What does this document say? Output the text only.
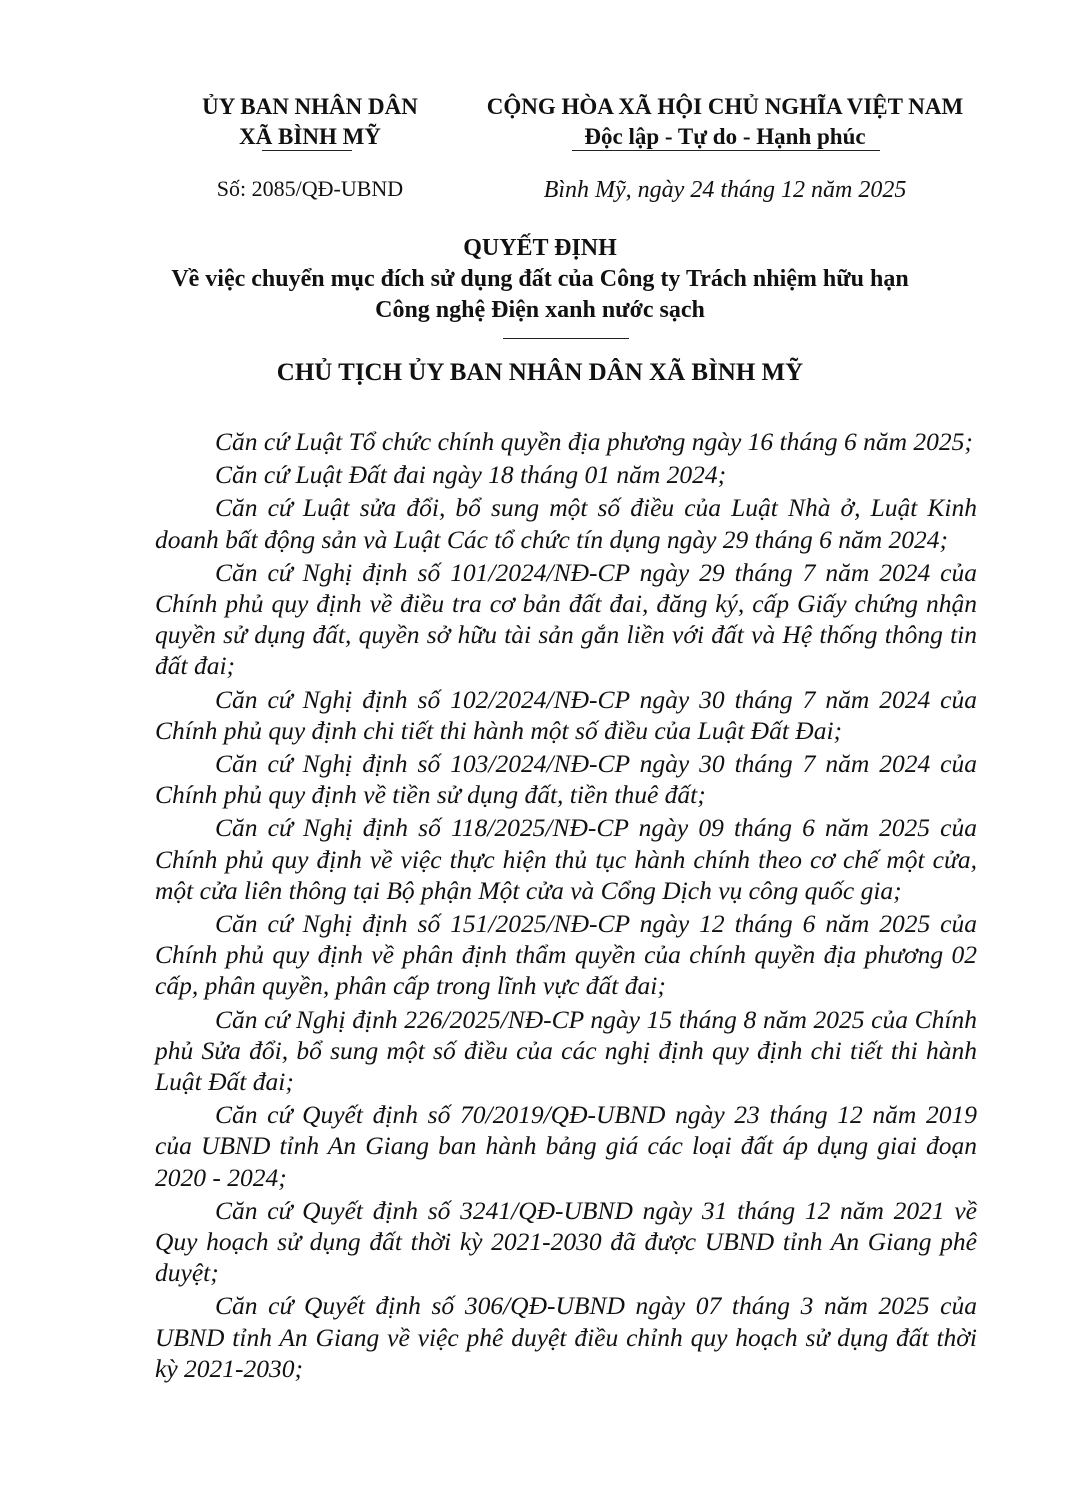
ỦY BAN NHÂN DÂN
XÃ BÌNH MỸ
CỘNG HÒA XÃ HỘI CHỦ NGHĨA VIỆT NAM
Độc lập - Tự do - Hạnh phúc
Số: 2085/QĐ-UBND	Bình Mỹ, ngày 24 tháng 12 năm 2025
QUYẾT ĐỊNH
Về việc chuyển mục đích sử dụng đất của Công ty Trách nhiệm hữu hạn
Công nghệ Điện xanh nước sạch
CHỦ TỊCH ỦY BAN NHÂN DÂN XÃ BÌNH MỸ

Căn cứ Luật Tổ chức chính quyền địa phương ngày 16 tháng 6 năm 2025;

Căn cứ Luật Đất đai ngày 18 tháng 01 năm 2024;

Căn cứ Luật sửa đổi, bổ sung một số điều của Luật Nhà ở, Luật Kinh doanh bất động sản và Luật Các tổ chức tín dụng ngày 29 tháng 6 năm 2024;

Căn cứ Nghị định số 101/2024/NĐ-CP ngày 29 tháng 7 năm 2024 của Chính phủ quy định về điều tra cơ bản đất đai, đăng ký, cấp Giấy chứng nhận quyền sử dụng đất, quyền sở hữu tài sản gắn liền với đất và Hệ thống thông tin đất đai;

Căn cứ Nghị định số 102/2024/NĐ-CP ngày 30 tháng 7 năm 2024 của Chính phủ quy định chi tiết thi hành một số điều của Luật Đất Đai;

Căn cứ Nghị định số 103/2024/NĐ-CP ngày 30 tháng 7 năm 2024 của Chính phủ quy định về tiền sử dụng đất, tiền thuê đất;

Căn cứ Nghị định số 118/2025/NĐ-CP ngày 09 tháng 6 năm 2025 của Chính phủ quy định về việc thực hiện thủ tục hành chính theo cơ chế một cửa, một cửa liên thông tại Bộ phận Một cửa và Cổng Dịch vụ công quốc gia;

Căn cứ Nghị định số 151/2025/NĐ-CP ngày 12 tháng 6 năm 2025 của Chính phủ quy định về phân định thẩm quyền của chính quyền địa phương 02 cấp, phân quyền, phân cấp trong lĩnh vực đất đai;

Căn cứ Nghị định 226/2025/NĐ-CP ngày 15 tháng 8 năm 2025 của Chính phủ Sửa đổi, bổ sung một số điều của các nghị định quy định chi tiết thi hành Luật Đất đai;

Căn cứ Quyết định số 70/2019/QĐ-UBND ngày 23 tháng 12 năm 2019 của UBND tỉnh An Giang ban hành bảng giá các loại đất áp dụng giai đoạn 2020 - 2024;

Căn cứ Quyết định số 3241/QĐ-UBND ngày 31 tháng 12 năm 2021 về Quy hoạch sử dụng đất thời kỳ 2021-2030 đã được UBND tỉnh An Giang phê duyệt;

Căn cứ Quyết định số 306/QĐ-UBND ngày 07 tháng 3 năm 2025 của UBND tỉnh An Giang về việc phê duyệt điều chỉnh quy hoạch sử dụng đất thời kỳ 2021-2030;
